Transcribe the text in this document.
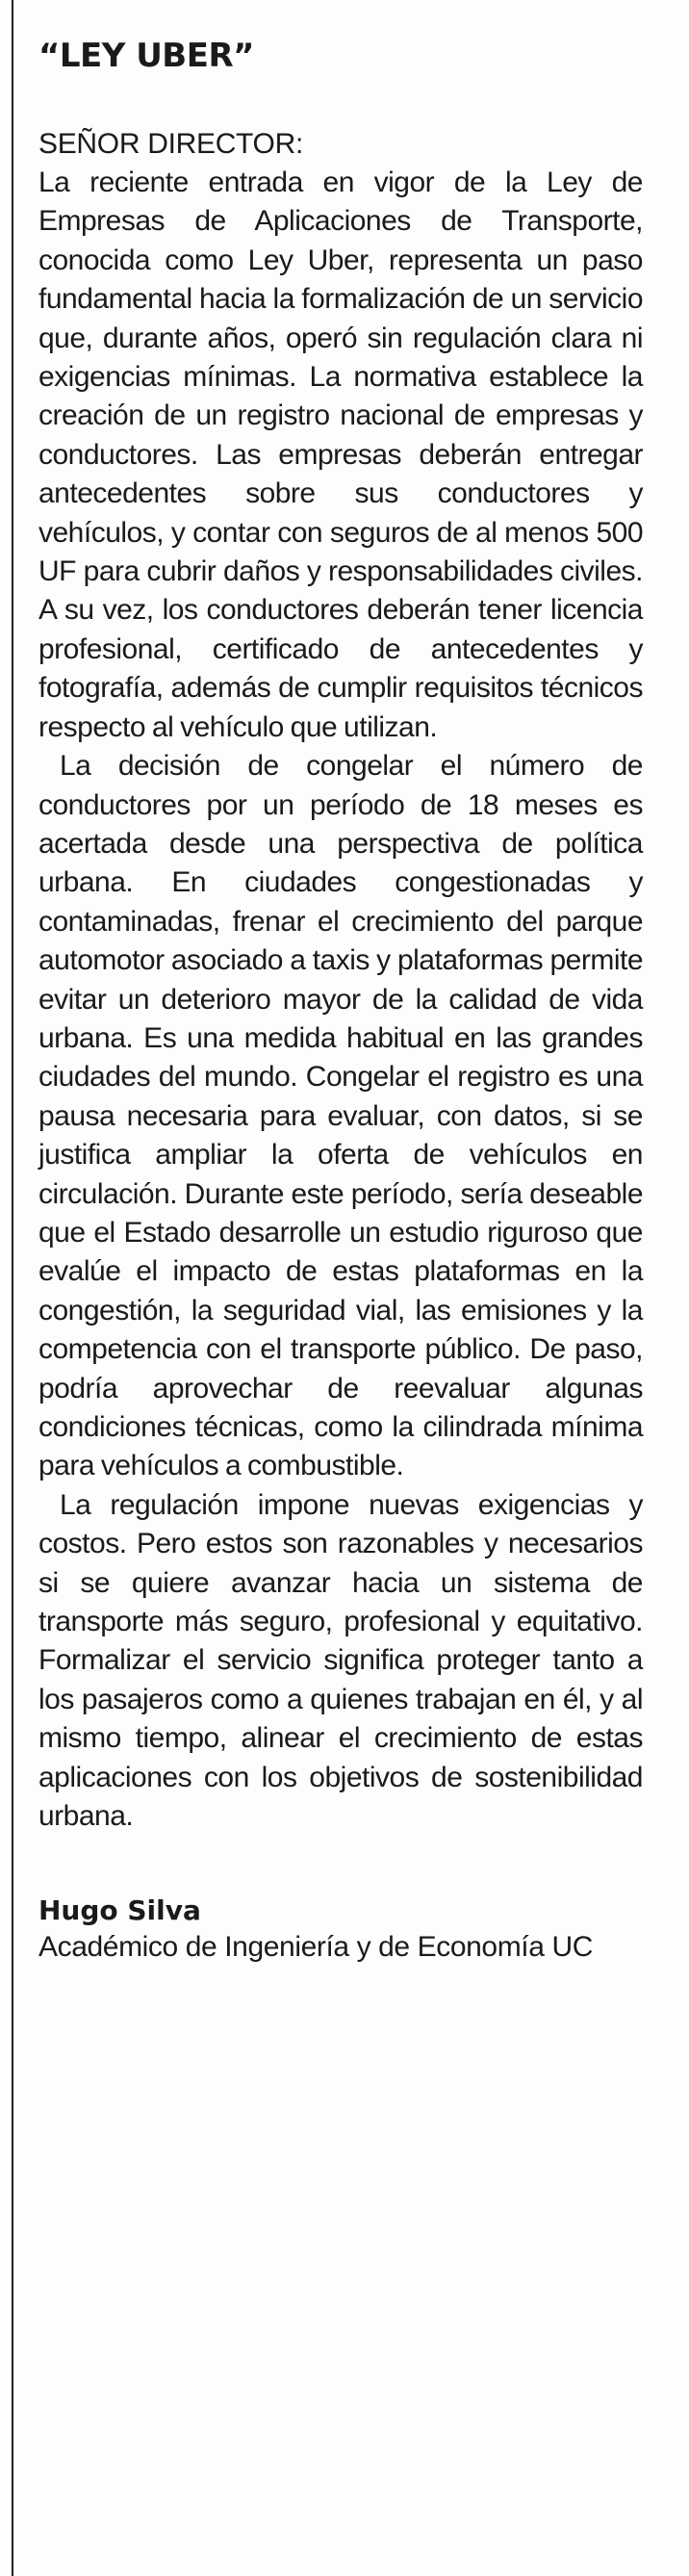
“LEY UBER”

SEÑOR DIRECTOR:

La reciente entrada en vigor de la Ley de Empresas de Aplicaciones de Transporte, conocida como Ley Uber, representa un paso fundamental hacia la formalización de un servicio que, durante años, operó sin regulación clara ni exigencias mínimas. La normativa establece la creación de un registro nacional de empresas y conductores. Las empresas deberán entregar antecedentes sobre sus conductores y vehículos, y contar con seguros de al menos 500 UF para cubrir daños y responsabilidades civiles. A su vez, los conductores deberán tener licencia profesional, certificado de antecedentes y fotografía, además de cumplir requisitos técnicos respecto al vehículo que utilizan.

La decisión de congelar el número de conductores por un período de 18 meses es acertada desde una perspectiva de política urbana. En ciudades congestionadas y contaminadas, frenar el crecimiento del parque automotor asociado a taxis y plataformas permite evitar un deterioro mayor de la calidad de vida urbana. Es una medida habitual en las grandes ciudades del mundo. Congelar el registro es una pausa necesaria para evaluar, con datos, si se justifica ampliar la oferta de vehículos en circulación. Durante este período, sería deseable que el Estado desarrolle un estudio riguroso que evalúe el impacto de estas plataformas en la congestión, la seguridad vial, las emisiones y la competencia con el transporte público. De paso, podría aprovechar de reevaluar algunas condiciones técnicas, como la cilindrada mínima para vehículos a combustible.

La regulación impone nuevas exigencias y costos. Pero estos son razonables y necesarios si se quiere avanzar hacia un sistema de transporte más seguro, profesional y equitativo. Formalizar el servicio significa proteger tanto a los pasajeros como a quienes trabajan en él, y al mismo tiempo, alinear el crecimiento de estas aplicaciones con los objetivos de sostenibilidad urbana.

Hugo Silva

Académico de Ingeniería y de Economía UC
